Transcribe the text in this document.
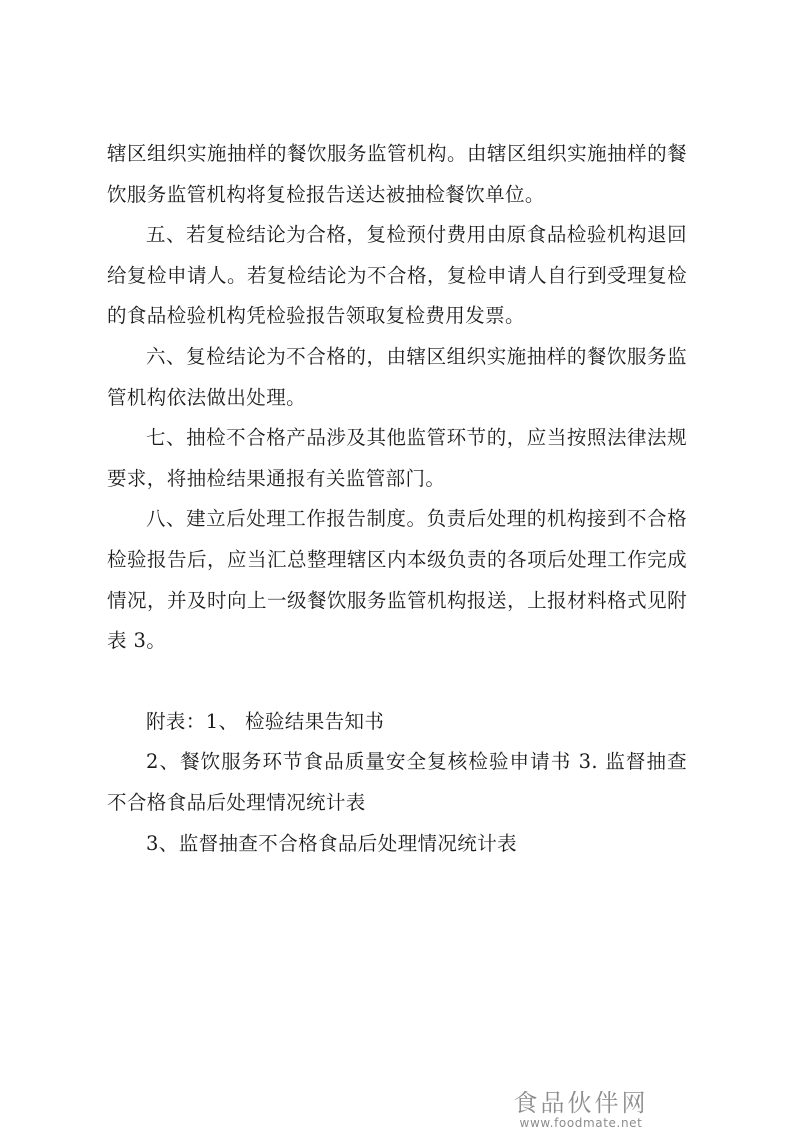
辖区组织实施抽样的餐饮服务监管机构。由辖区组织实施抽样的餐饮服务监管机构将复检报告送达被抽检餐饮单位。

五、若复检结论为合格，复检预付费用由原食品检验机构退回给复检申请人。若复检结论为不合格，复检申请人自行到受理复检的食品检验机构凭检验报告领取复检费用发票。

六、复检结论为不合格的，由辖区组织实施抽样的餐饮服务监管机构依法做出处理。

七、抽检不合格产品涉及其他监管环节的，应当按照法律法规要求，将抽检结果通报有关监管部门。

八、建立后处理工作报告制度。负责后处理的机构接到不合格检验报告后，应当汇总整理辖区内本级负责的各项后处理工作完成情况，并及时向上一级餐饮服务监管机构报送，上报材料格式见附表 3。

附表：1、 检验结果告知书

2、餐饮服务环节食品质量安全复核检验申请书 3. 监督抽查不合格食品后处理情况统计表

3、监督抽查不合格食品后处理情况统计表

食品伙伴网
www.foodmate.net
